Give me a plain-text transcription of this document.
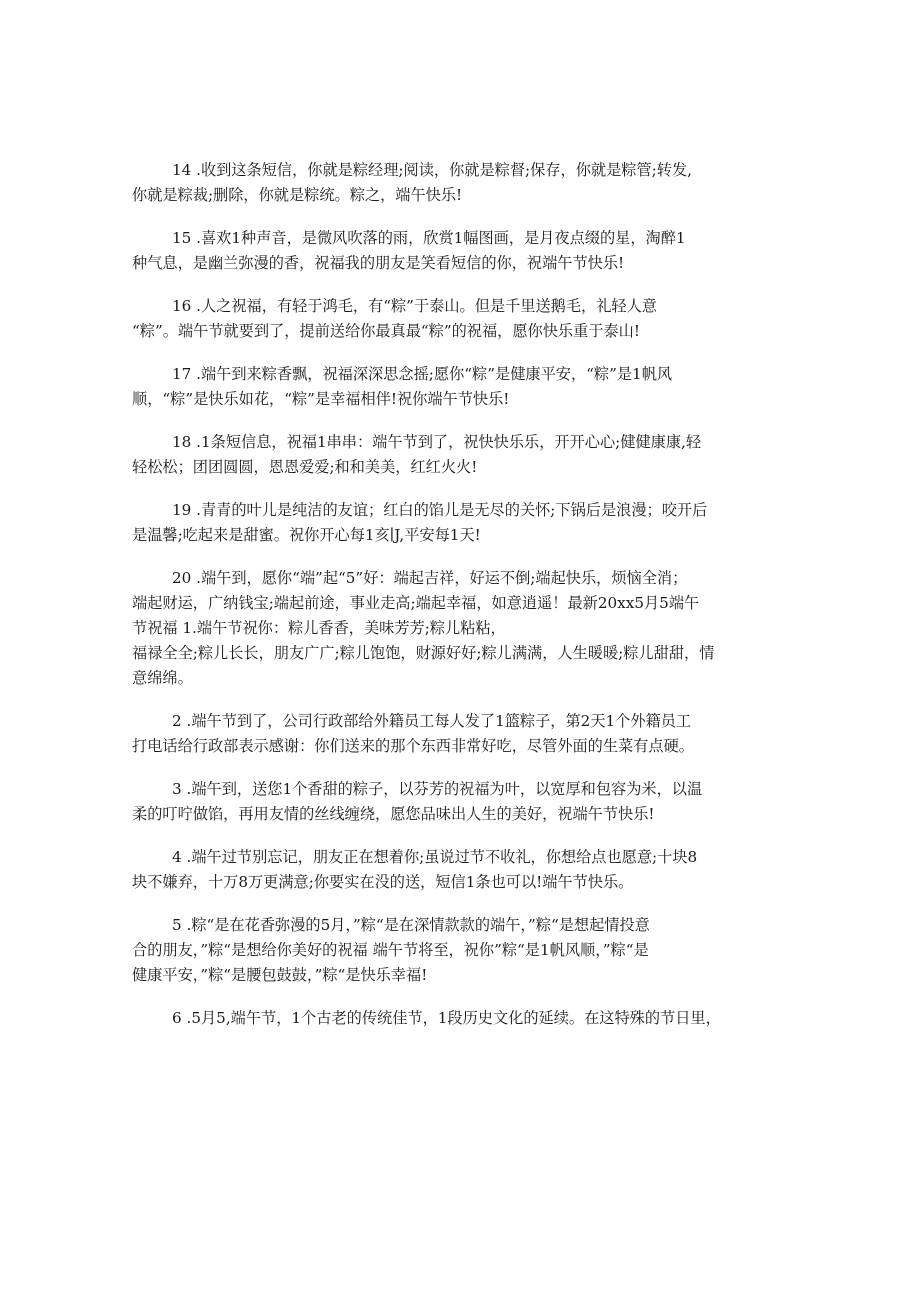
14 .收到这条短信，你就是粽经理;阅读，你就是粽督;保存，你就是粽管;转发,
你就是粽裁;删除，你就是粽统。粽之，端午快乐!
15 .喜欢1种声音，是微风吹落的雨，欣赏1幅图画，是月夜点缀的星，淘醉1
种气息，是幽兰弥漫的香，祝福我的朋友是笑看短信的你，祝端午节快乐!
16 .人之祝福，有轻于鸿毛，有“粽”于泰山。但是千里送鹅毛，礼轻人意
“粽”。端午节就要到了，提前送给你最真最“粽”的祝福，愿你快乐重于泰山!
17 .端午到来粽香飘，祝福深深思念摇;愿你“粽”是健康平安，“粽”是1帆风
顺，“粽”是快乐如花，“粽”是幸福相伴!祝你端午节快乐!
18 .1条短信息，祝福1串串：端午节到了，祝快快乐乐，开开心心;健健康康,轻
轻松松；团团圆圆，恩恩爱爱;和和美美，红红火火!
19 .青青的叶儿是纯洁的友谊；红白的馅儿是无尽的关怀;下锅后是浪漫；咬开后
是温馨;吃起来是甜蜜。祝你开心每1亥∣J,平安每1天!
20 .端午到，愿你“端”起“5”好：端起吉祥，好运不倒;端起快乐，烦恼全消；
端起财运，广纳钱宝;端起前途，事业走高;端起幸福，如意逍遥！最新20xx5月5端午
节祝福 1.端午节祝你：粽儿香香，美味芳芳;粽儿粘粘，
福禄全全;粽儿长长，朋友广广;粽儿饱饱，财源好好;粽儿满满，人生暖暖;粽儿甜甜，情
意绵绵。
2 .端午节到了，公司行政部给外籍员工每人发了1篮粽子，第2天1个外籍员工
打电话给行政部表示感谢：你们送来的那个东西非常好吃，尽管外面的生菜有点硬。
3 .端午到，送您1个香甜的粽子，以芬芳的祝福为叶，以宽厚和包容为米，以温
柔的叮咛做馅，再用友情的丝线缠绕，愿您品味出人生的美好，祝端午节快乐!
4 .端午过节别忘记，朋友正在想着你;虽说过节不收礼，你想给点也愿意;十块8
块不嫌弃，十万8万更满意;你要实在没的送，短信1条也可以!端午节快乐。
5 .粽“是在花香弥漫的5月，”粽“是在深情款款的端午，”粽“是想起情投意
合的朋友，”粽“是想给你美好的祝福 端午节将至，祝你”粽“是1帆风顺，”粽“是
健康平安，”粽“是腰包鼓鼓，”粽“是快乐幸福!
6 .5月5,端午节，1个古老的传统佳节，1段历史文化的延续。在这特殊的节日里，
